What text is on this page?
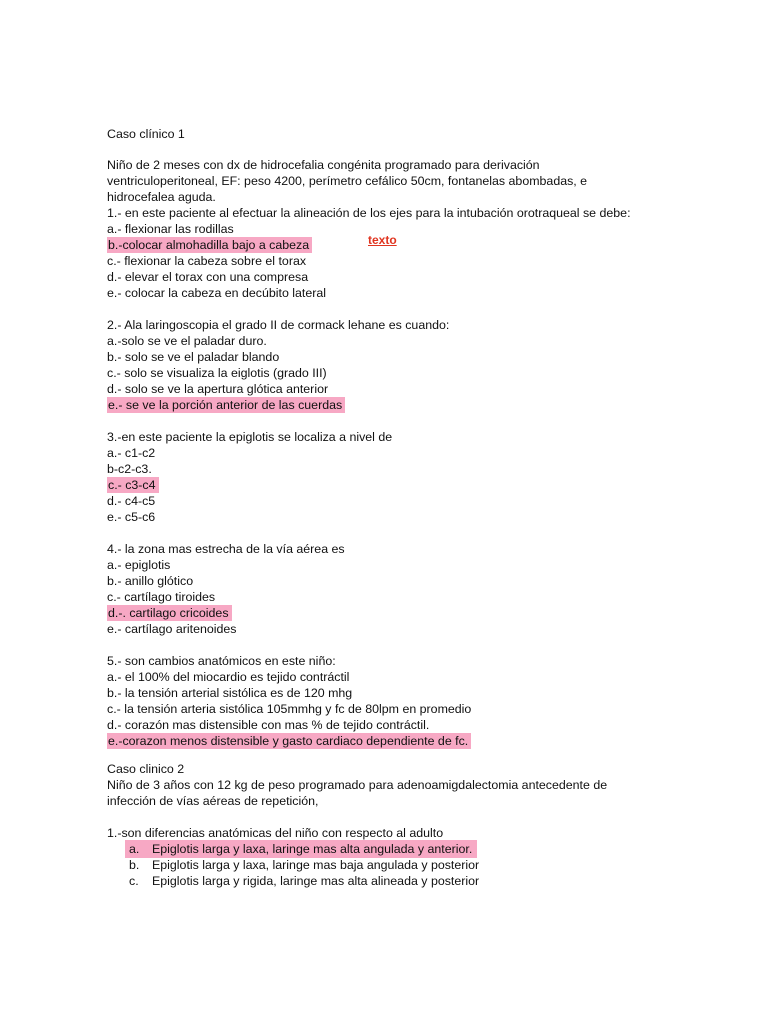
Caso clínico 1
Niño de 2 meses con dx de hidrocefalia congénita programado para derivación
ventriculoperitoneal, EF: peso 4200, perímetro cefálico 50cm, fontanelas abombadas, e
hidrocefalea aguda.
1.- en este paciente al efectuar la alineación de los ejes para la intubación orotraqueal se debe:
a.- flexionar las rodillas
b.-colocar almohadilla bajo a cabeza
c.- flexionar la cabeza sobre el torax
d.- elevar el torax con una compresa
e.- colocar la cabeza en decúbito lateral
texto
2.- Ala laringoscopia el grado II de cormack lehane es cuando:
a.-solo se ve el paladar duro.
b.- solo se ve el paladar blando
c.- solo se visualiza la eiglotis (grado III)
d.- solo se ve la apertura glótica anterior
e.- se ve la porción anterior de las cuerdas
3.-en este paciente la epiglotis se localiza a nivel de
a.- c1-c2
b-c2-c3.
c.- c3-c4
d.- c4-c5
e.- c5-c6
4.- la zona mas estrecha de la vía aérea es
a.- epiglotis
b.- anillo glótico
c.- cartílago tiroides
d.-. cartilago cricoides
e.- cartílago aritenoides
5.- son cambios anatómicos en este niño:
a.- el 100% del miocardio es tejido contráctil
b.- la tensión arterial sistólica es de 120 mhg
c.- la tensión arteria sistólica 105mmhg y fc de 80lpm en promedio
d.- corazón mas distensible con mas % de tejido contráctil.
e.-corazon menos distensible y gasto cardiaco dependiente de fc.
Caso clinico 2
Niño de 3 años con 12 kg de peso programado para adenoamigdalectomia antecedente de
infección de vías aéreas de repetición,
1.-son diferencias anatómicas del niño con respecto al adulto
a. Epiglotis larga y laxa, laringe mas alta angulada y anterior.
b. Epiglotis larga y laxa, laringe mas baja angulada y posterior
c. Epiglotis larga y rigida, laringe mas alta alineada y posterior
